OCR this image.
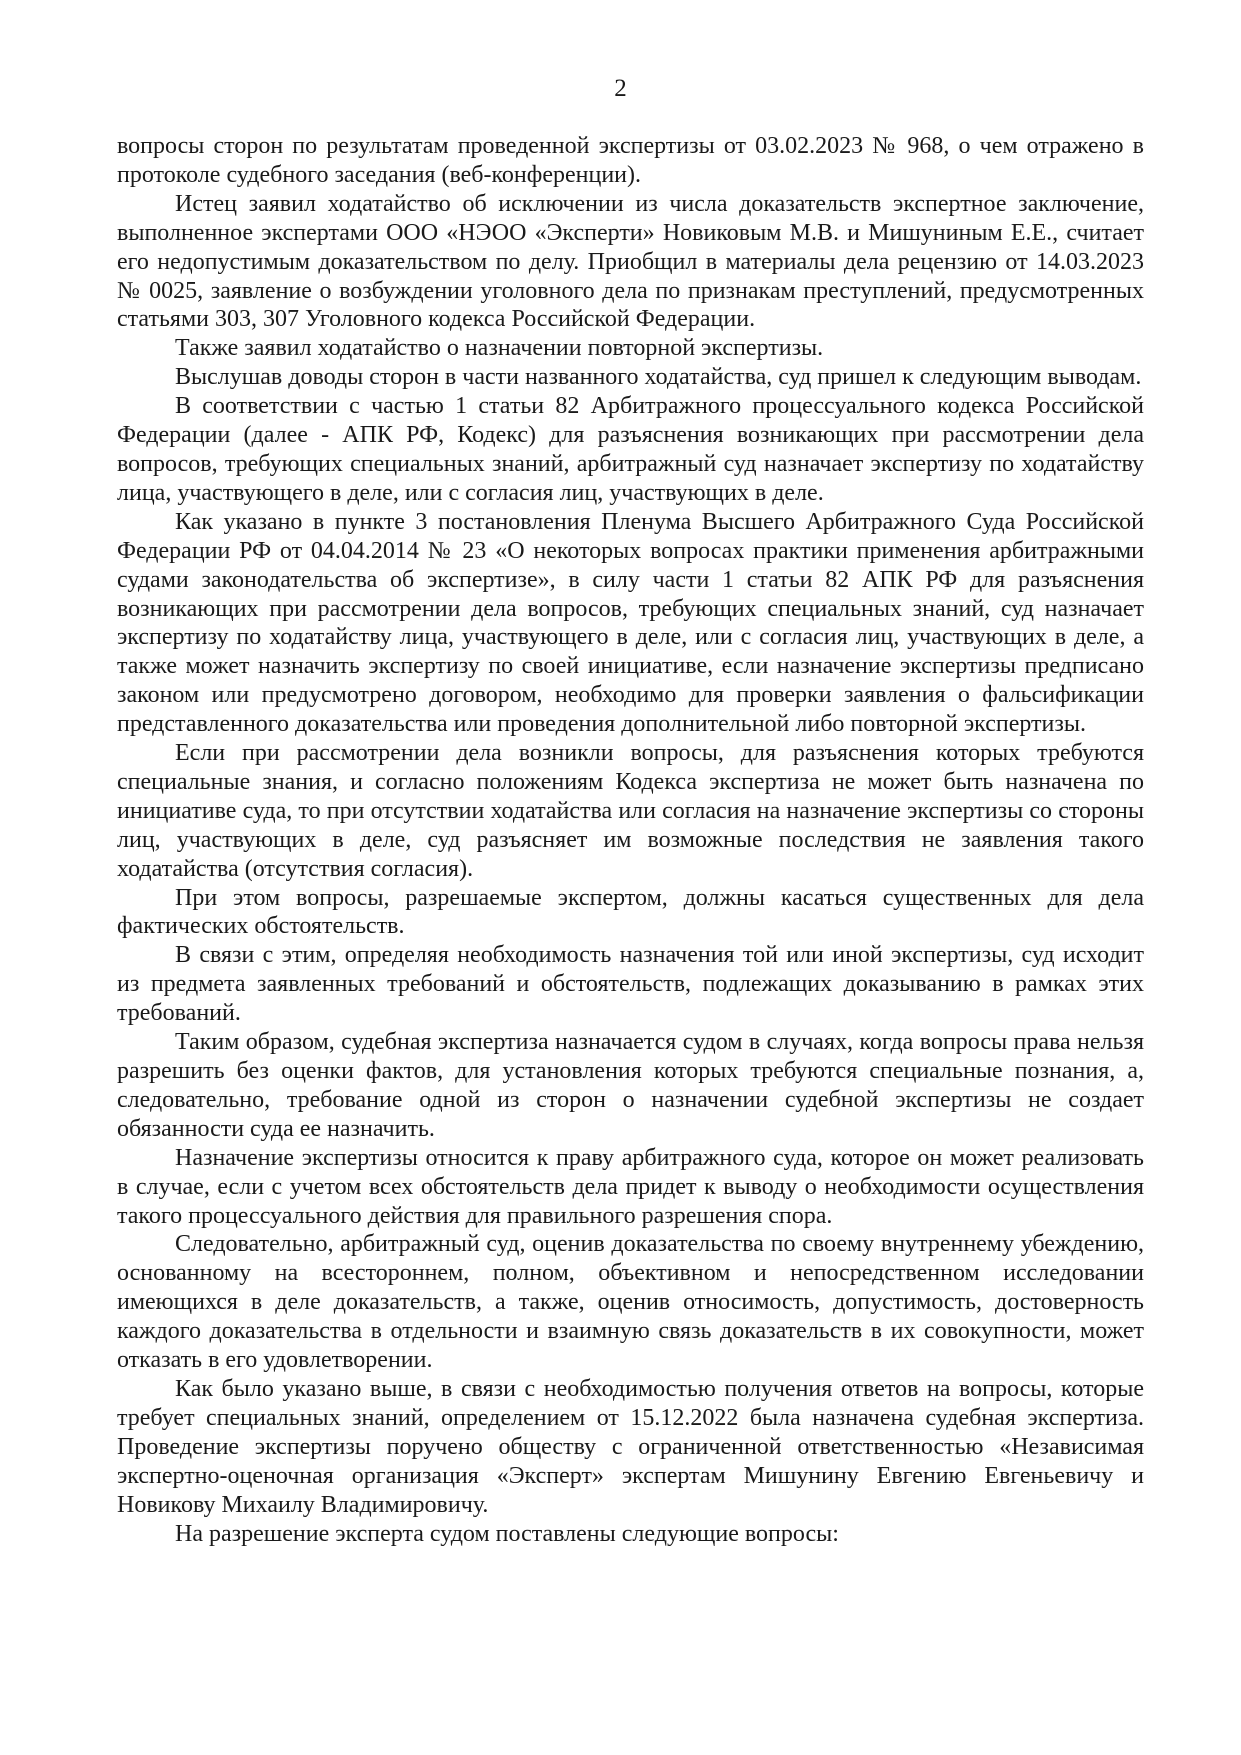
2

вопросы сторон по результатам проведенной экспертизы от 03.02.2023 № 968, о чем отражено в протоколе судебного заседания (веб-конференции).

Истец заявил ходатайство об исключении из числа доказательств экспертное заключение, выполненное экспертами ООО «НЭОО «Эксперти» Новиковым М.В. и Мишуниным Е.Е., считает его недопустимым доказательством по делу. Приобщил в материалы дела рецензию от 14.03.2023 № 0025, заявление о возбуждении уголовного дела по признакам преступлений, предусмотренных статьями 303, 307 Уголовного кодекса Российской Федерации.

Также заявил ходатайство о назначении повторной экспертизы.

Выслушав доводы сторон в части названного ходатайства, суд пришел к следующим выводам.

В соответствии с частью 1 статьи 82 Арбитражного процессуального кодекса Российской Федерации (далее - АПК РФ, Кодекс) для разъяснения возникающих при рассмотрении дела вопросов, требующих специальных знаний, арбитражный суд назначает экспертизу по ходатайству лица, участвующего в деле, или с согласия лиц, участвующих в деле.

Как указано в пункте 3 постановления Пленума Высшего Арбитражного Суда Российской Федерации РФ от 04.04.2014 № 23 «О некоторых вопросах практики применения арбитражными судами законодательства об экспертизе», в силу части 1 статьи 82 АПК РФ для разъяснения возникающих при рассмотрении дела вопросов, требующих специальных знаний, суд назначает экспертизу по ходатайству лица, участвующего в деле, или с согласия лиц, участвующих в деле, а также может назначить экспертизу по своей инициативе, если назначение экспертизы предписано законом или предусмотрено договором, необходимо для проверки заявления о фальсификации представленного доказательства или проведения дополнительной либо повторной экспертизы.

Если при рассмотрении дела возникли вопросы, для разъяснения которых требуются специальные знания, и согласно положениям Кодекса экспертиза не может быть назначена по инициативе суда, то при отсутствии ходатайства или согласия на назначение экспертизы со стороны лиц, участвующих в деле, суд разъясняет им возможные последствия не заявления такого ходатайства (отсутствия согласия).

При этом вопросы, разрешаемые экспертом, должны касаться существенных для дела фактических обстоятельств.

В связи с этим, определяя необходимость назначения той или иной экспертизы, суд исходит из предмета заявленных требований и обстоятельств, подлежащих доказыванию в рамках этих требований.

Таким образом, судебная экспертиза назначается судом в случаях, когда вопросы права нельзя разрешить без оценки фактов, для установления которых требуются специальные познания, а, следовательно, требование одной из сторон о назначении судебной экспертизы не создает обязанности суда ее назначить.

Назначение экспертизы относится к праву арбитражного суда, которое он может реализовать в случае, если с учетом всех обстоятельств дела придет к выводу о необходимости осуществления такого процессуального действия для правильного разрешения спора.

Следовательно, арбитражный суд, оценив доказательства по своему внутреннему убеждению, основанному на всестороннем, полном, объективном и непосредственном исследовании имеющихся в деле доказательств, а также, оценив относимость, допустимость, достоверность каждого доказательства в отдельности и взаимную связь доказательств в их совокупности, может отказать в его удовлетворении.

Как было указано выше, в связи с необходимостью получения ответов на вопросы, которые требует специальных знаний, определением от 15.12.2022 была назначена судебная экспертиза. Проведение экспертизы поручено обществу с ограниченной ответственностью «Независимая экспертно-оценочная организация «Эксперт» экспертам Мишунину Евгению Евгеньевичу и Новикову Михаилу Владимировичу.

На разрешение эксперта судом поставлены следующие вопросы:
